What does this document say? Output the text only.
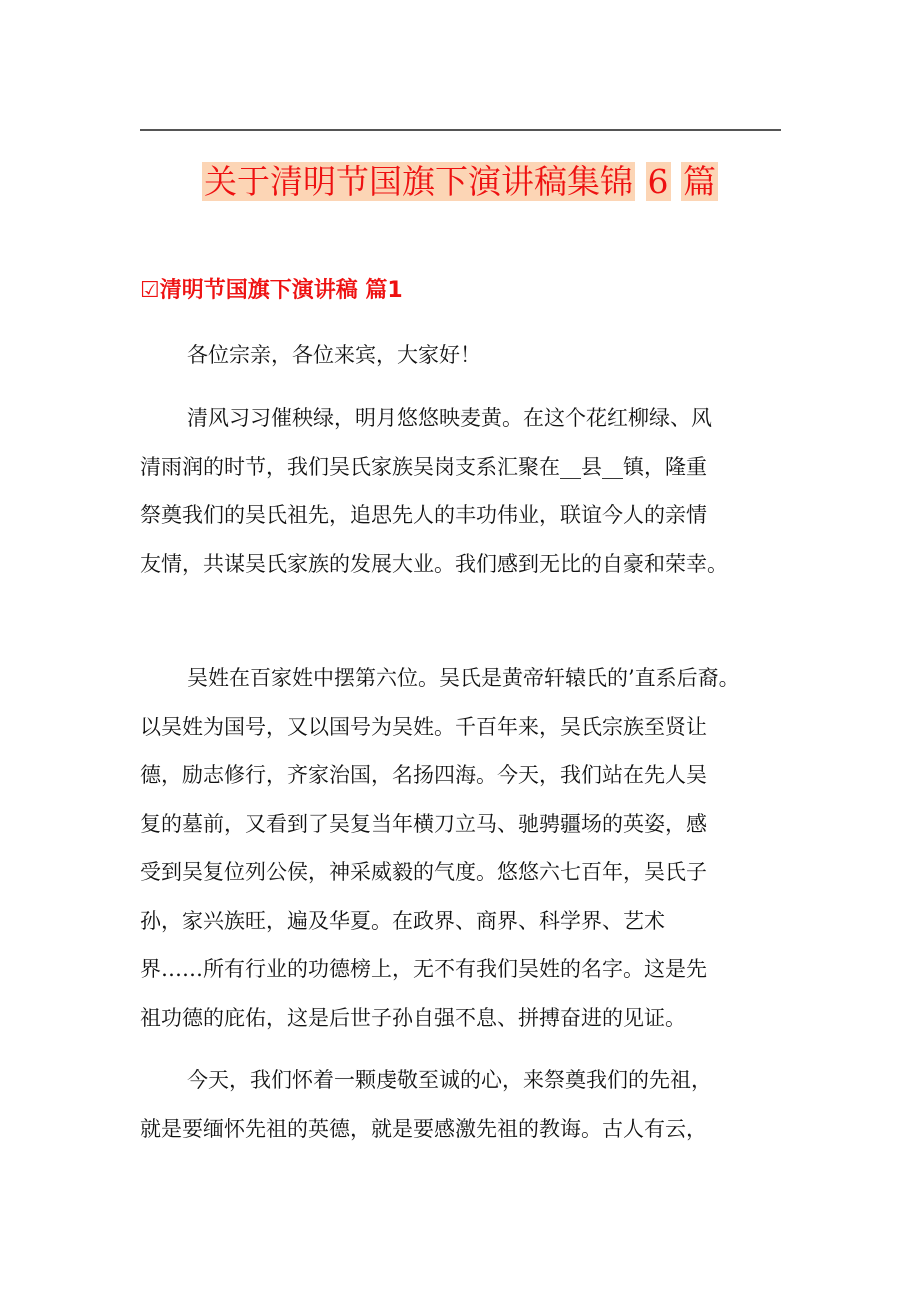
关于清明节国旗下演讲稿集锦 6 篇
☑清明节国旗下演讲稿 篇1
各位宗亲，各位来宾，大家好！
清风习习催秧绿，明月悠悠映麦黄。在这个花红柳绿、风
清雨润的时节，我们吴氏家族吴岗支系汇聚在__县__镇，隆重
祭奠我们的吴氏祖先，追思先人的丰功伟业，联谊今人的亲情
友情，共谋吴氏家族的发展大业。我们感到无比的自豪和荣幸。
吴姓在百家姓中摆第六位。吴氏是黄帝轩辕氏的’直系后裔。
以吴姓为国号，又以国号为吴姓。千百年来，吴氏宗族至贤让
德，励志修行，齐家治国，名扬四海。今天，我们站在先人吴
复的墓前，又看到了吴复当年横刀立马、驰骋疆场的英姿，感
受到吴复位列公侯，神采威毅的气度。悠悠六七百年，吴氏子
孙，家兴族旺，遍及华夏。在政界、商界、科学界、艺术
界……所有行业的功德榜上，无不有我们吴姓的名字。这是先
祖功德的庇佑，这是后世子孙自强不息、拼搏奋进的见证。
今天，我们怀着一颗虔敬至诚的心，来祭奠我们的先祖，
就是要缅怀先祖的英德，就是要感激先祖的教诲。古人有云，
